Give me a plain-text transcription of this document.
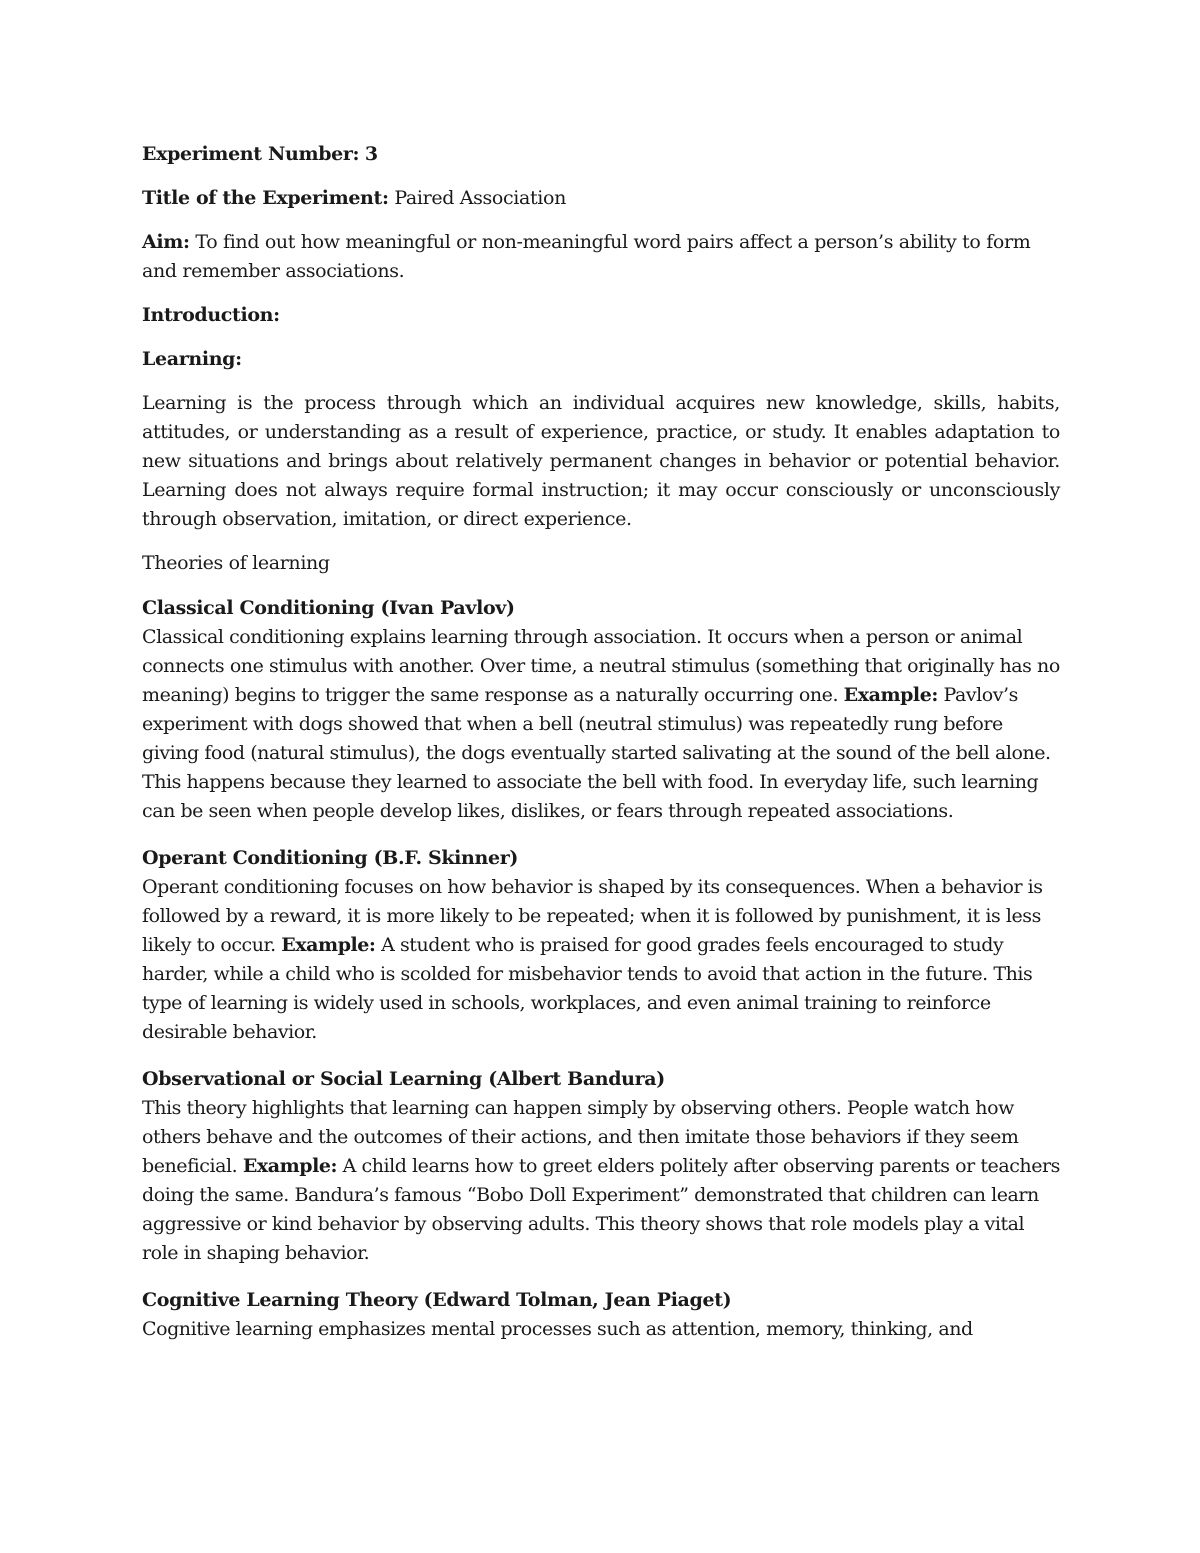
Experiment Number: 3

Title of the Experiment: Paired Association

Aim: To find out how meaningful or non-meaningful word pairs affect a person’s ability to form and remember associations.

Introduction:

Learning:

Learning is the process through which an individual acquires new knowledge, skills, habits, attitudes, or understanding as a result of experience, practice, or study. It enables adaptation to new situations and brings about relatively permanent changes in behavior or potential behavior. Learning does not always require formal instruction; it may occur consciously or unconsciously through observation, imitation, or direct experience.

Theories of learning

Classical Conditioning (Ivan Pavlov)

Classical conditioning explains learning through association. It occurs when a person or animal connects one stimulus with another. Over time, a neutral stimulus (something that originally has no meaning) begins to trigger the same response as a naturally occurring one. Example: Pavlov’s experiment with dogs showed that when a bell (neutral stimulus) was repeatedly rung before giving food (natural stimulus), the dogs eventually started salivating at the sound of the bell alone. This happens because they learned to associate the bell with food. In everyday life, such learning can be seen when people develop likes, dislikes, or fears through repeated associations.

Operant Conditioning (B.F. Skinner)

Operant conditioning focuses on how behavior is shaped by its consequences. When a behavior is followed by a reward, it is more likely to be repeated; when it is followed by punishment, it is less likely to occur. Example: A student who is praised for good grades feels encouraged to study harder, while a child who is scolded for misbehavior tends to avoid that action in the future. This type of learning is widely used in schools, workplaces, and even animal training to reinforce desirable behavior.

Observational or Social Learning (Albert Bandura)

This theory highlights that learning can happen simply by observing others. People watch how others behave and the outcomes of their actions, and then imitate those behaviors if they seem beneficial. Example: A child learns how to greet elders politely after observing parents or teachers doing the same. Bandura’s famous “Bobo Doll Experiment” demonstrated that children can learn aggressive or kind behavior by observing adults. This theory shows that role models play a vital role in shaping behavior.

Cognitive Learning Theory (Edward Tolman, Jean Piaget)

Cognitive learning emphasizes mental processes such as attention, memory, thinking, and
